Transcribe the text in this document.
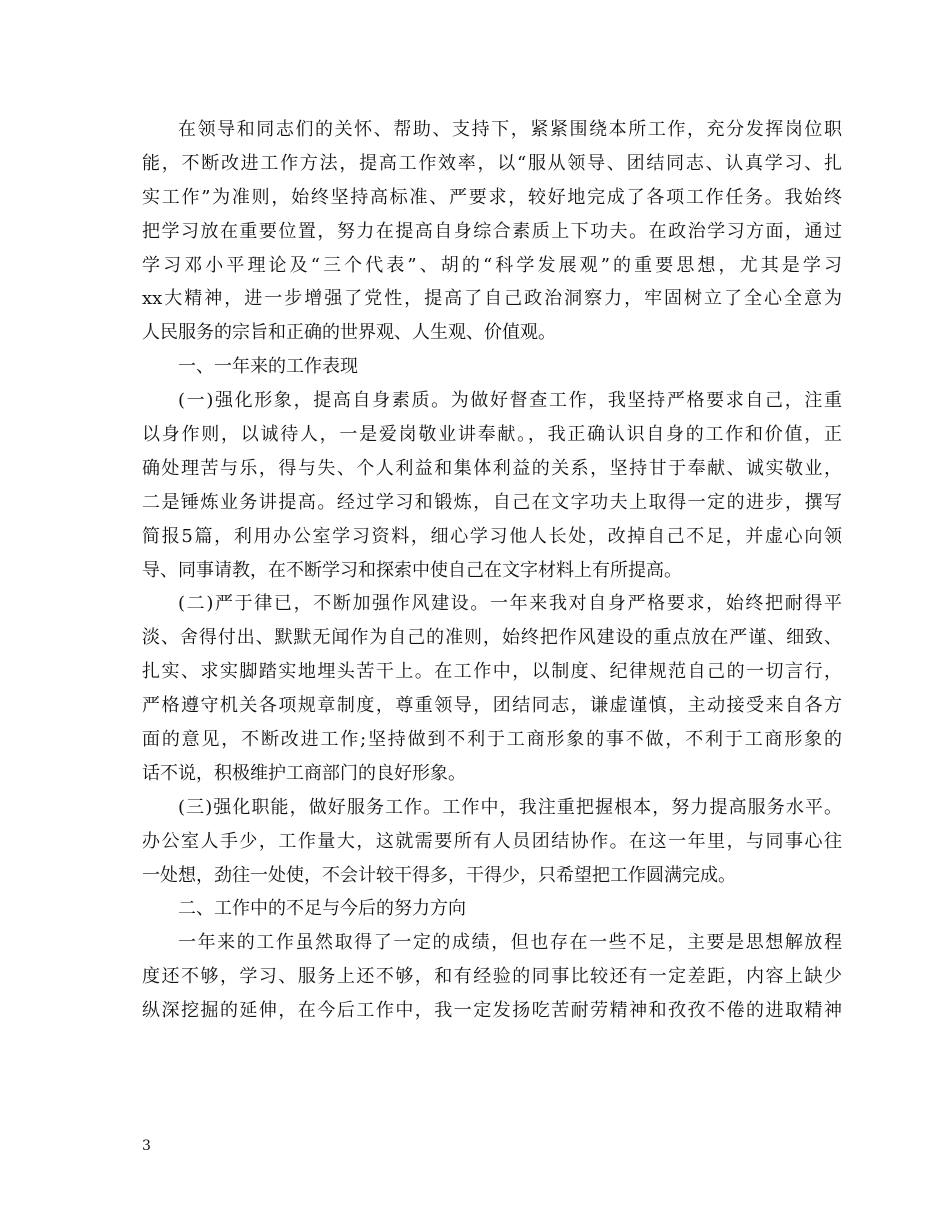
在领导和同志们的关怀、帮助、支持下，紧紧围绕本所工作，充分发挥岗位职
能，不断改进工作方法，提高工作效率，以“服从领导、团结同志、认真学习、扎
实工作”为准则，始终坚持高标准、严要求，较好地完成了各项工作任务。我始终
把学习放在重要位置，努力在提高自身综合素质上下功夫。在政治学习方面，通过
学习邓小平理论及“三个代表”、胡的“科学发展观”的重要思想，尤其是学习
xx大精神，进一步增强了党性，提高了自己政治洞察力，牢固树立了全心全意为
人民服务的宗旨和正确的世界观、人生观、价值观。
一、一年来的工作表现
(一)强化形象，提高自身素质。为做好督查工作，我坚持严格要求自己，注重
以身作则，以诚待人，一是爱岗敬业讲奉献。，我正确认识自身的工作和价值，正
确处理苦与乐，得与失、个人利益和集体利益的关系，坚持甘于奉献、诚实敬业，
二是锤炼业务讲提高。经过学习和锻炼，自己在文字功夫上取得一定的进步，撰写
简报5篇，利用办公室学习资料，细心学习他人长处，改掉自己不足，并虚心向领
导、同事请教，在不断学习和探索中使自己在文字材料上有所提高。
(二)严于律已，不断加强作风建设。一年来我对自身严格要求，始终把耐得平
淡、舍得付出、默默无闻作为自己的准则，始终把作风建设的重点放在严谨、细致、
扎实、求实脚踏实地埋头苦干上。在工作中，以制度、纪律规范自己的一切言行，
严格遵守机关各项规章制度，尊重领导，团结同志，谦虚谨慎，主动接受来自各方
面的意见，不断改进工作;坚持做到不利于工商形象的事不做，不利于工商形象的
话不说，积极维护工商部门的良好形象。
(三)强化职能，做好服务工作。工作中，我注重把握根本，努力提高服务水平。
办公室人手少，工作量大，这就需要所有人员团结协作。在这一年里，与同事心往
一处想，劲往一处使，不会计较干得多，干得少，只希望把工作圆满完成。
二、工作中的不足与今后的努力方向
一年来的工作虽然取得了一定的成绩，但也存在一些不足，主要是思想解放程
度还不够，学习、服务上还不够，和有经验的同事比较还有一定差距，内容上缺少
纵深挖掘的延伸，在今后工作中，我一定发扬吃苦耐劳精神和孜孜不倦的进取精神
3
